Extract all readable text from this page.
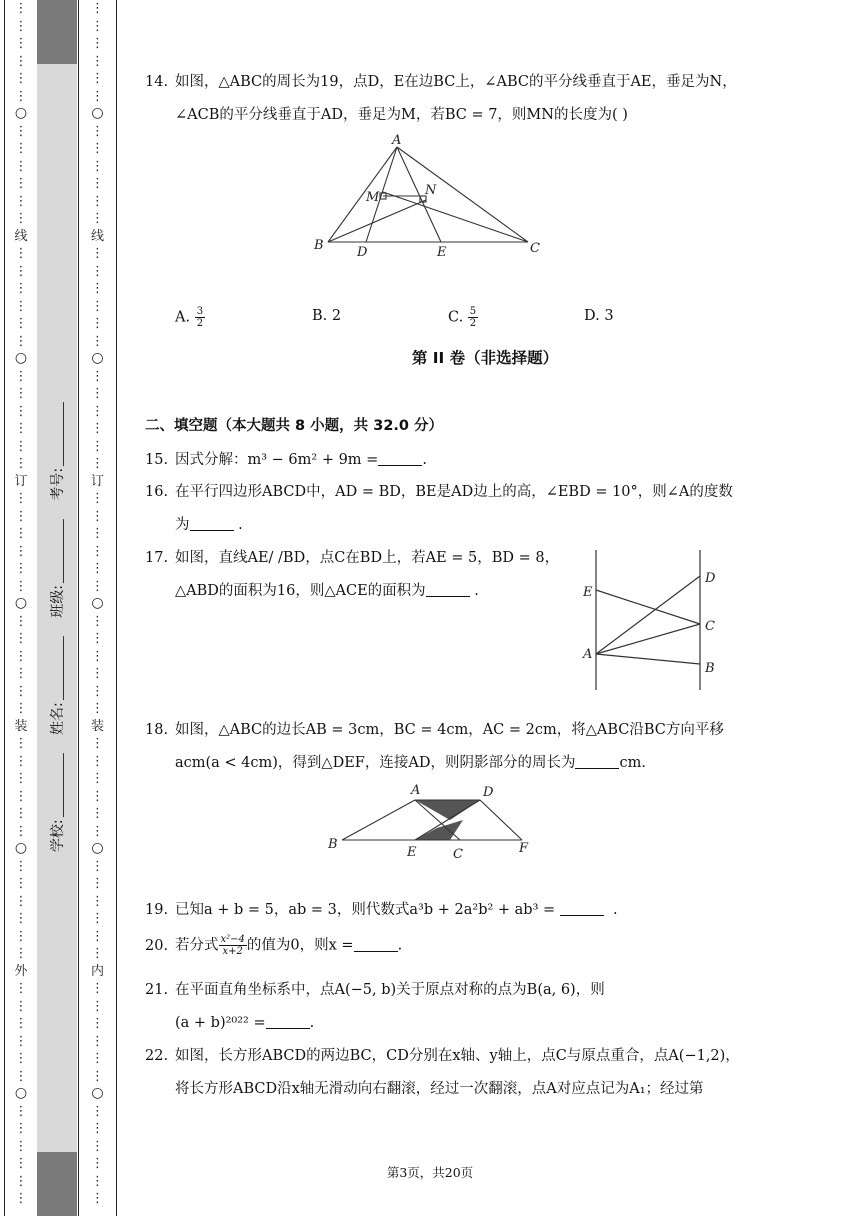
⋮
⋮
⋮
⋮
⋮
⋮
○
⋮
⋮
⋮
⋮
⋮
⋮
线
⋮
⋮
⋮
⋮
⋮
⋮
○
⋮
⋮
⋮
⋮
⋮
⋮
订
⋮
⋮
⋮
⋮
⋮
⋮
○
⋮
⋮
⋮
⋮
⋮
⋮
装
⋮
⋮
⋮
⋮
⋮
⋮
○
⋮
⋮
⋮
⋮
⋮
⋮
外
⋮
⋮
⋮
⋮
⋮
⋮
○
⋮
⋮
⋮
⋮
⋮
⋮
学校: 姓名: 班级: 考号:
⋮
⋮
⋮
⋮
⋮
⋮
○
⋮
⋮
⋮
⋮
⋮
⋮
线
⋮
⋮
⋮
⋮
⋮
⋮
○
⋮
⋮
⋮
⋮
⋮
⋮
订
⋮
⋮
⋮
⋮
⋮
⋮
○
⋮
⋮
⋮
⋮
⋮
⋮
装
⋮
⋮
⋮
⋮
⋮
⋮
○
⋮
⋮
⋮
⋮
⋮
⋮
内
⋮
⋮
⋮
⋮
⋮
⋮
○
⋮
⋮
⋮
⋮
⋮
⋮
14. 如图，△ABC的周长为19，点D，E在边BC上，∠ABC的平分线垂直于AE，垂足为N，
∠ACB的平分线垂直于AD，垂足为M，若BC = 7，则MN的长度为( )
A
B	C
D	E
M	N
A. $\frac{3}{2}$	B. 2	C. $\frac{5}{2}$	D. 3
第 II 卷（非选择题）
二、填空题（本大题共 8 小题，共 32.0 分）
15. 因式分解：m³ − 6m² + 9m =	.
16. 在平行四边形ABCD中，AD = BD，BE是AD边上的高，∠EBD = 10°，则∠A的度数
为	.
17. 如图，直线AE/ /BD，点C在BD上，若AE = 5，BD = 8，
△ABD的面积为16，则△ACE的面积为	.	E
D
C
A
B
18. 如图，△ABC的边长AB = 3cm，BC = 4cm，AC = 2cm，将△ABC沿BC方向平移
acm(a < 4cm)，得到△DEF，连接AD，则阴影部分的周长为	cm.
A	D
B
E	C	F
19. 已知a + b = 5，ab = 3，则代数式a³b + 2a²b² + ab³ =	.
20. 若分式 $\frac{\text{x²−4}}{x+2}$ 的值为0，则x =	.
21. 在平面直角坐标系中，点A(−5, b)关于原点对称的点为B(a, 6)，则
(a + b)²⁰²² =	.
22. 如图，长方形ABCD的两边BC，CD分别在x轴、y轴上，点C与原点重合，点A(−1,2)，
将长方形ABCD沿x轴无滑动向右翻滚，经过一次翻滚，点A对应点记为A₁；经过第
第3页，共20页
